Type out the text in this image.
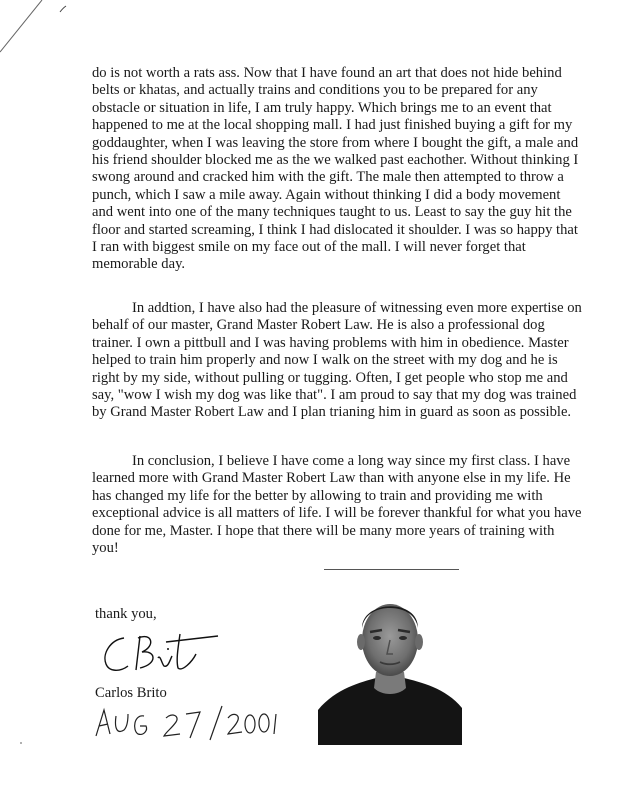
do is not worth a rats ass. Now that I have found an art that does not hide behind belts or khatas, and actually trains and conditions you to be prepared for any obstacle or situation in life, I am truly happy. Which brings me to an event that happened to me at the local shopping mall. I had just finished buying a gift for my goddaughter, when I was leaving the store from where I bought the gift, a male and his friend shoulder blocked me as the we walked past eachother. Without thinking I swong around and cracked him with the gift. The male then attempted to throw a punch, which I saw a mile away. Again without thinking I did a body movement and went into one of the many techniques taught to us. Least to say the guy hit the floor and started screaming, I think I had dislocated it shoulder. I was so happy that I ran with biggest smile on my face out of the mall. I will never forget that memorable day.

In addtion, I have also had the pleasure of witnessing even more expertise on behalf of our master, Grand Master Robert Law. He is also a professional dog trainer. I own a pittbull and I was having problems with him in obedience. Master helped to train him properly and now I walk on the street with my dog and he is right by my side, without pulling or tugging. Often, I get people who stop me and say, "wow I wish my dog was like that". I am proud to say that my dog was trained by Grand Master Robert Law and I plan trianing him in guard as soon as possible.

In conclusion, I believe I have come a long way since my first class. I have learned more with Grand Master Robert Law than with anyone else in my life. He has changed my life for the better by allowing to train and providing me with exceptional advice is all matters of life. I will be forever thankful for what you have done for me, Master. I hope that there will be many more years of training with you!

thank you,
Carlos Brito
